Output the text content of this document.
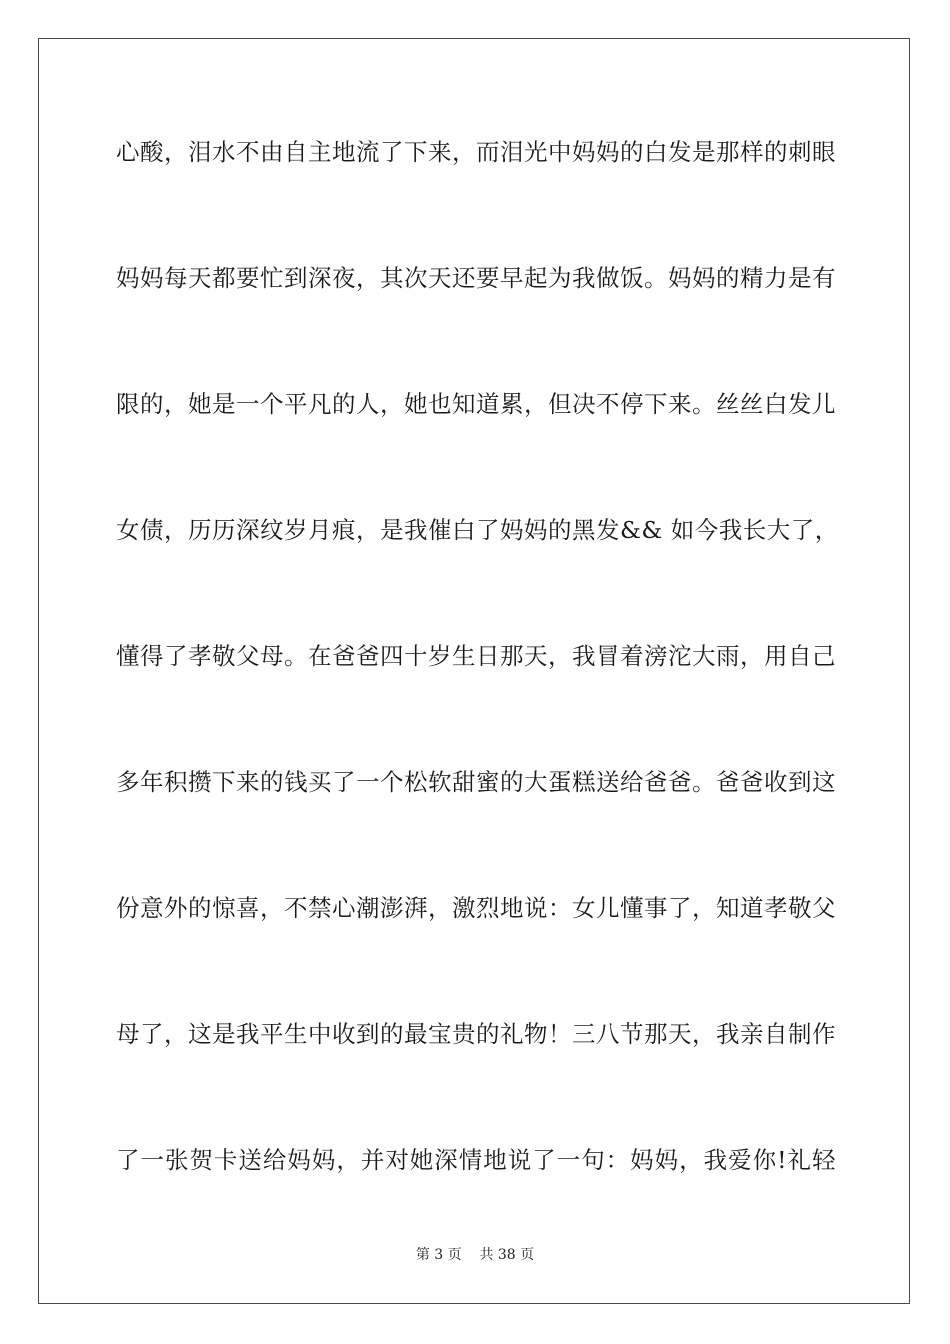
心酸，泪水不由自主地流了下来，而泪光中妈妈的白发是那样的刺眼

妈妈每天都要忙到深夜，其次天还要早起为我做饭。妈妈的精力是有

限的，她是一个平凡的人，她也知道累，但决不停下来。丝丝白发儿

女债，历历深纹岁月痕，是我催白了妈妈的黑发&& 如今我长大了，

懂得了孝敬父母。在爸爸四十岁生日那天，我冒着滂沱大雨，用自己

多年积攒下来的钱买了一个松软甜蜜的大蛋糕送给爸爸。爸爸收到这

份意外的惊喜，不禁心潮澎湃，激烈地说：女儿懂事了，知道孝敬父

母了，这是我平生中收到的最宝贵的礼物！三八节那天，我亲自制作

了一张贺卡送给妈妈，并对她深情地说了一句：妈妈，我爱你!礼轻

第 3 页 共 38 页
